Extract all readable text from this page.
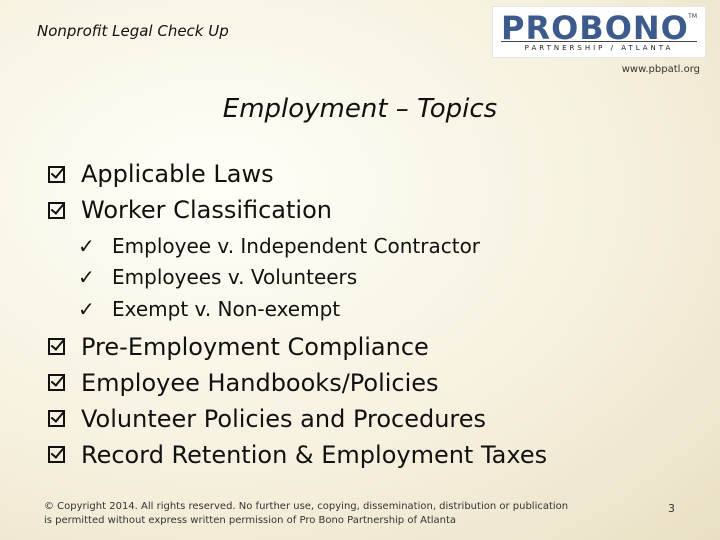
Nonprofit Legal Check Up	PROBONO TM
PARTNERSHIP / ATLANTA
www.pbpatl.org
Employment – Topics
Applicable Laws
Worker Classification
✓ Employee v. Independent Contractor
✓ Employees v. Volunteers
✓ Exempt v. Non-exempt
Pre-Employment Compliance
Employee Handbooks/Policies
Volunteer Policies and Procedures
Record Retention & Employment Taxes
© Copyright 2014. All rights reserved. No further use, copying, dissemination, distribution or publication is permitted without express written permission of Pro Bono Partnership of Atlanta
3
